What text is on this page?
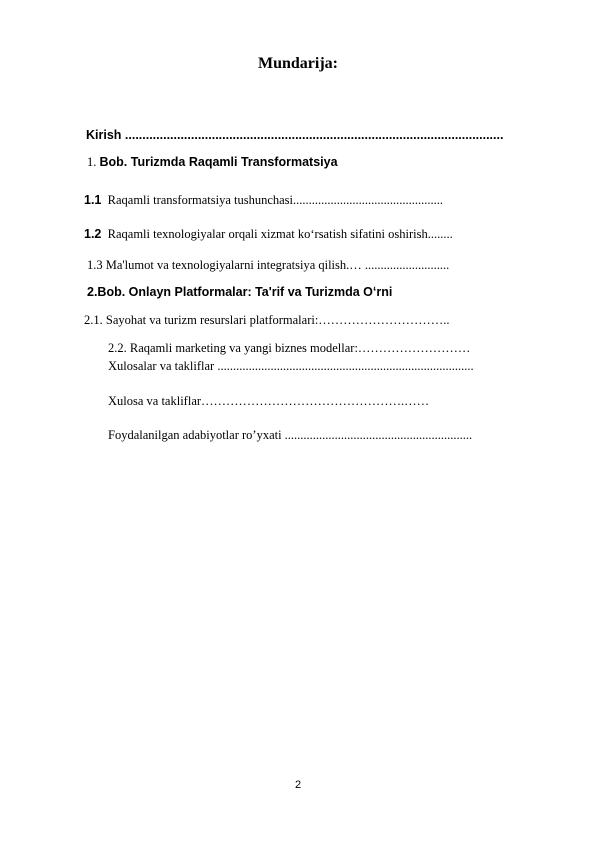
Mundarija:
Kirish .............................................................................................................
1. Bob. Turizmda Raqamli Transformatsiya
1.1 Raqamli transformatsiya tushunchasi................................................
1.2 Raqamli texnologiyalar orqali xizmat koʻrsatish sifatini oshirish........
1.3 Ma'lumot va texnologiyalarni integratsiya qilish.… ...........................
2.Bob. Onlayn Platformalar: Ta'rif va Turizmda Oʻrni
2.1. Sayohat va turizm resurslari platformalari:…………………………..
2.2. Raqamli marketing va yangi biznes modellar:………………………
Xulosalar va takliflar ..................................................................................
Xulosa va takliflar………………………………………….……
Foydalanilgan adabiyotlar ro’yxati ............................................................
2
